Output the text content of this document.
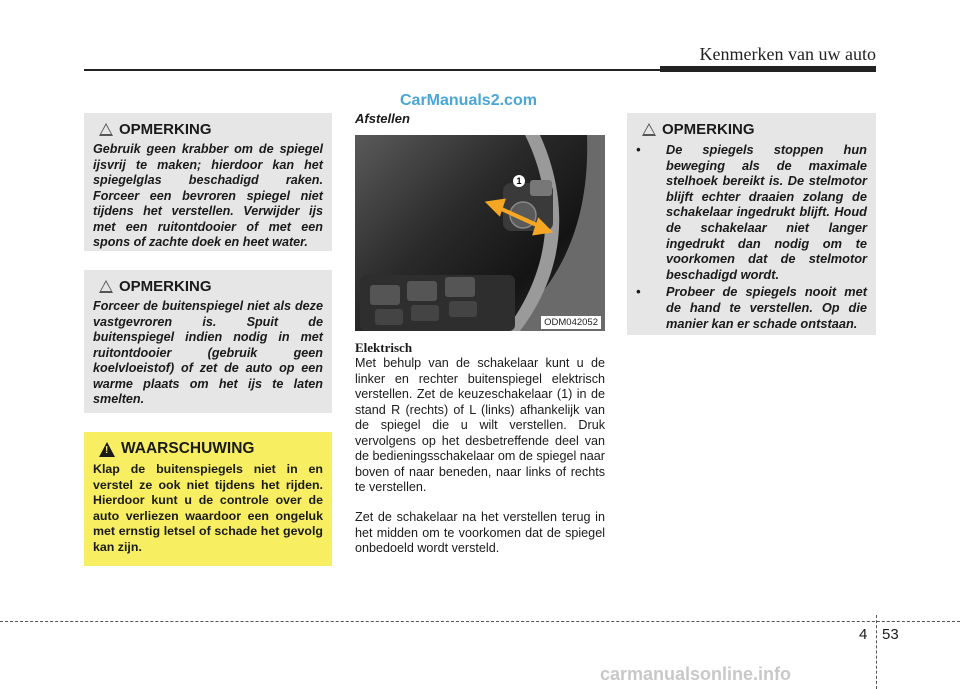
Kenmerken van uw auto
CarManuals2.com
! OPMERKING
Gebruik geen krabber om de spiegel ijsvrij te maken; hierdoor kan het spiegelglas beschadigd raken. Forceer een bevroren spiegel niet tijdens het verstellen. Verwijder ijs met een ruitontdooier of met een spons of zachte doek en heet water.
! OPMERKING
Forceer de buitenspiegel niet als deze vastgevroren is. Spuit de buitenspiegel indien nodig in met ruitontdooier (gebruik geen koelvloeistof) of zet de auto op een warme plaats om het ijs te laten smelten.
! WAARSCHUWING
Klap de buitenspiegels niet in en verstel ze ook niet tijdens het rijden. Hierdoor kunt u de controle over de auto verliezen waardoor een ongeluk met ernstig letsel of schade het gevolg kan zijn.
Afstellen
ODM042052
1
Elektrisch

Met behulp van de schakelaar kunt u de linker en rechter buitenspiegel elektrisch verstellen. Zet de keuzeschakelaar (1) in de stand R (rechts) of L (links) afhankelijk van de spiegel die u wilt verstellen. Druk vervolgens op het desbetreffende deel van de bedieningsschakelaar om de spiegel naar boven of naar beneden, naar links of rechts te verstellen.

Zet de schakelaar na het verstellen terug in het midden om te voorkomen dat de spiegel onbedoeld wordt versteld.

! OPMERKING
• De spiegels stoppen hun beweging als de maximale stelhoek bereikt is. De stelmotor blijft echter draaien zolang de schakelaar ingedrukt blijft. Houd de schakelaar niet langer ingedrukt dan nodig om te voorkomen dat de stelmotor beschadigd wordt.
• Probeer de spiegels nooit met de hand te verstellen. Op die manier kan er schade ontstaan.
4 53
carmanualsonline.info
